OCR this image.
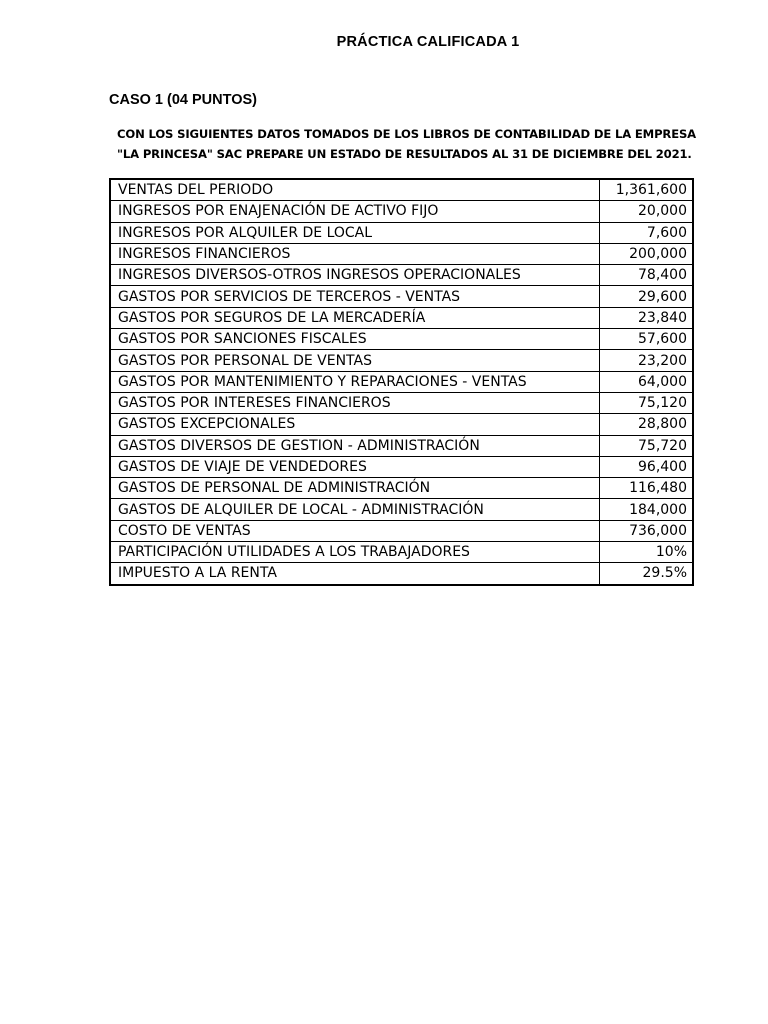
PRÁCTICA CALIFICADA 1
CASO 1 (04 PUNTOS)
CON LOS SIGUIENTES DATOS TOMADOS DE LOS LIBROS DE CONTABILIDAD DE LA EMPRESA
"LA PRINCESA" SAC PREPARE UN ESTADO DE RESULTADOS AL 31 DE DICIEMBRE DEL 2021.
VENTAS DEL PERIODO	1,361,600
INGRESOS POR ENAJENACIÓN DE ACTIVO FIJO	20,000
INGRESOS POR ALQUILER DE LOCAL	7,600
INGRESOS FINANCIEROS	200,000
INGRESOS DIVERSOS-OTROS INGRESOS OPERACIONALES	78,400
GASTOS POR SERVICIOS DE TERCEROS - VENTAS	29,600
GASTOS POR SEGUROS DE LA MERCADERÍA	23,840
GASTOS POR SANCIONES FISCALES	57,600
GASTOS POR PERSONAL DE VENTAS	23,200
GASTOS POR MANTENIMIENTO Y REPARACIONES - VENTAS	64,000
GASTOS POR INTERESES FINANCIEROS	75,120
GASTOS EXCEPCIONALES	28,800
GASTOS DIVERSOS DE GESTION - ADMINISTRACIÓN	75,720
GASTOS DE VIAJE DE VENDEDORES	96,400
GASTOS DE PERSONAL DE ADMINISTRACIÓN	116,480
GASTOS DE ALQUILER DE LOCAL - ADMINISTRACIÓN	184,000
COSTO DE VENTAS	736,000
PARTICIPACIÓN UTILIDADES A LOS TRABAJADORES	10%
IMPUESTO A LA RENTA	29.5%
